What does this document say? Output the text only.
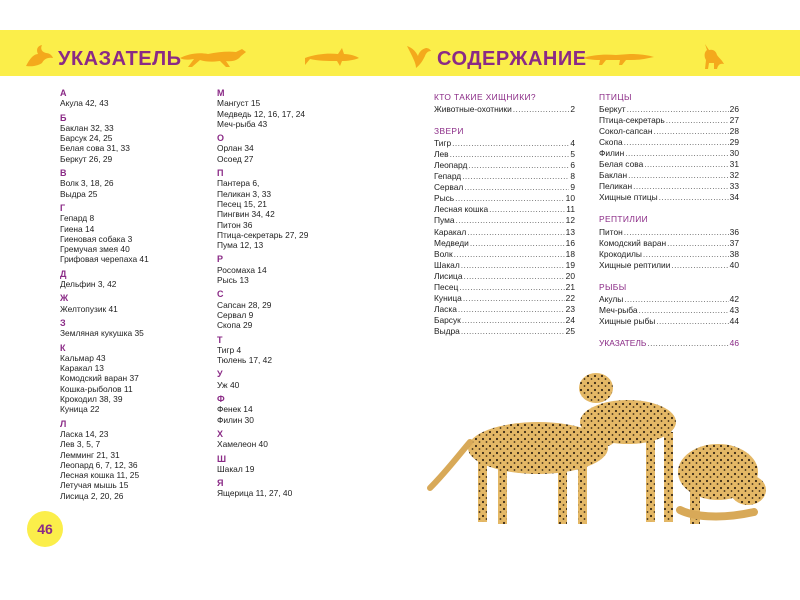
УКАЗАТЕЛЬ	СОДЕРЖАНИЕ
А
Акула 42, 43
Б
Баклан 32, 33
Барсук 24, 25
Белая сова 31, 33
Беркут 26, 29
В
Волк 3, 18, 26
Выдра 25
Г
Гепард 8
Гиена 14
Гиеновая собака 3
Гремучая змея 40
Грифовая черепаха 41
Д
Дельфин 3, 42
Ж
Желтопузик 41
З
Земляная кукушка 35
К
Кальмар 43
Каракал 13
Комодский варан 37
Кошка-рыболов 11
Крокодил 38, 39
Куница 22
Л
Ласка 14, 23
Лев 3, 5, 7
Лемминг 21, 31
Леопард 6, 7, 12, 36
Лесная кошка 11, 25
Летучая мышь 15
Лисица 2, 20, 26
М
Мангуст 15
Медведь 12, 16, 17, 24
Меч-рыба 43
О
Орлан 34
Осоед 27
П
Пантера 6,
Пеликан 3, 33
Песец 15, 21
Пингвин 34, 42
Питон 36
Птица-секретарь 27, 29
Пума 12, 13
Р
Росомаха 14
Рысь 13
С
Сапсан 28, 29
Сервал 9
Скопа 29
Т
Тигр 4
Тюлень 17, 42
У
Уж 40
Ф
Фенек 14
Филин 30
Х
Хамелеон 40
Ш
Шакал 19
Я
Ящерица 11, 27, 40
КТО ТАКИЕ ХИЩНИКИ?
Животные-охотники .....	2
ЗВЕРИ
Тигр .....	4
Лев .....	5
Леопард .....	6
Гепард .....	8
Сервал .....	9
Рысь .....	10
Лесная кошка .....	11
Пума .....	12
Каракал .....	13
Медведи .....	16
Волк .....	18
Шакал .....	19
Лисица .....	20
Песец .....	21
Куница .....	22
Ласка .....	23
Барсук .....	24
Выдра .....	25
ПТИЦЫ
Беркут .....	26
Птица-секретарь .....	27
Сокол-сапсан .....	28
Скопа .....	29
Филин .....	30
Белая сова .....	31
Баклан .....	32
Пеликан .....	33
Хищные птицы .....	34
РЕПТИЛИИ
Питон .....	36
Комодский варан .....	37
Крокодилы .....	38
Хищные рептилии .....	40
РЫБЫ
Акулы .....	42
Меч-рыба .....	43
Хищные рыбы .....	44
УКАЗАТЕЛЬ .....	46
46
